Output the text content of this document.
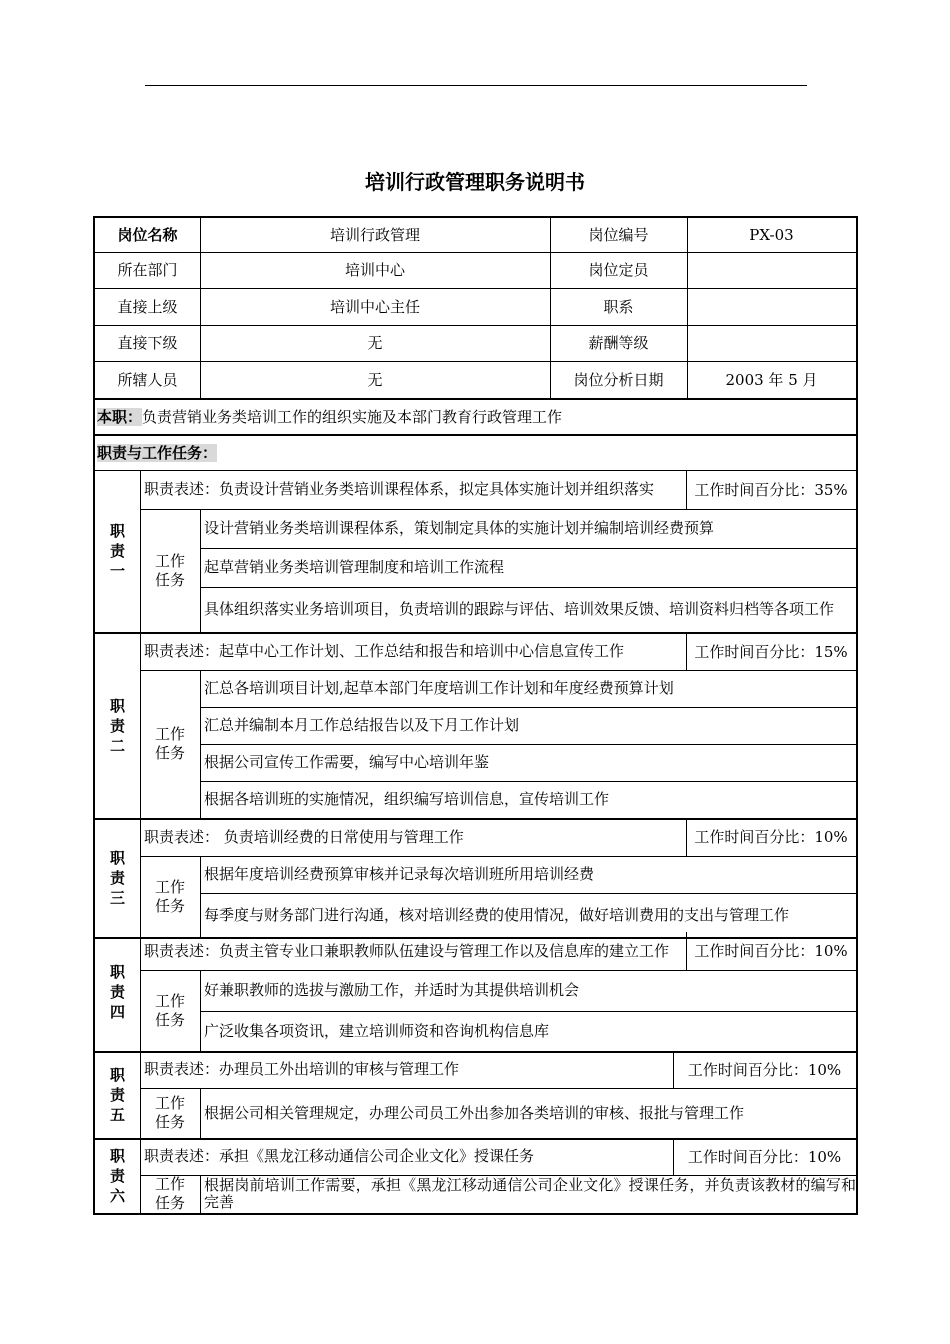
培训行政管理职务说明书
岗位名称	培训行政管理	岗位编号	PX-03
所在部门	培训中心	岗位定员
直接上级	培训中心主任	职系
直接下级	无	薪酬等级
所辖人员	无	岗位分析日期	2003 年 5 月
本职： 负责营销业务类培训工作的组织实施及本部门教育行政管理工作
职责与工作任务：
职
责
一
职责表述：负责设计营销业务类培训课程体系，拟定具体实施计划并组织落实	工作时间百分比：35%
工作
任务
设计营销业务类培训课程体系，策划制定具体的实施计划并编制培训经费预算
起草营销业务类培训管理制度和培训工作流程
具体组织落实业务培训项目，负责培训的跟踪与评估、培训效果反馈、培训资料归档等各项工作
职
责
二
职责表述：起草中心工作计划、工作总结和报告和培训中心信息宣传工作	工作时间百分比：15%
工作
任务
汇总各培训项目计划,起草本部门年度培训工作计划和年度经费预算计划
汇总并编制本月工作总结报告以及下月工作计划
根据公司宣传工作需要，编写中心培训年鉴
根据各培训班的实施情况，组织编写培训信息，宣传培训工作
职
责
三
职责表述： 负责培训经费的日常使用与管理工作	工作时间百分比：10%
工作
任务
根据年度培训经费预算审核并记录每次培训班所用培训经费
每季度与财务部门进行沟通，核对培训经费的使用情况，做好培训费用的支出与管理工作
职
责
四
职责表述：负责主管专业口兼职教师队伍建设与管理工作以及信息库的建立工作	工作时间百分比：10%
工作
任务
好兼职教师的选拔与激励工作，并适时为其提供培训机会
广泛收集各项资讯，建立培训师资和咨询机构信息库
职
责
五
职责表述：办理员工外出培训的审核与管理工作	工作时间百分比：10%
工作
任务
根据公司相关管理规定，办理公司员工外出参加各类培训的审核、报批与管理工作
职
责
六
职责表述：承担《黑龙江移动通信公司企业文化》授课任务	工作时间百分比：10%
工作
任务
根据岗前培训工作需要，承担《黑龙江移动通信公司企业文化》授课任务，并负责该教材的编写和完善
